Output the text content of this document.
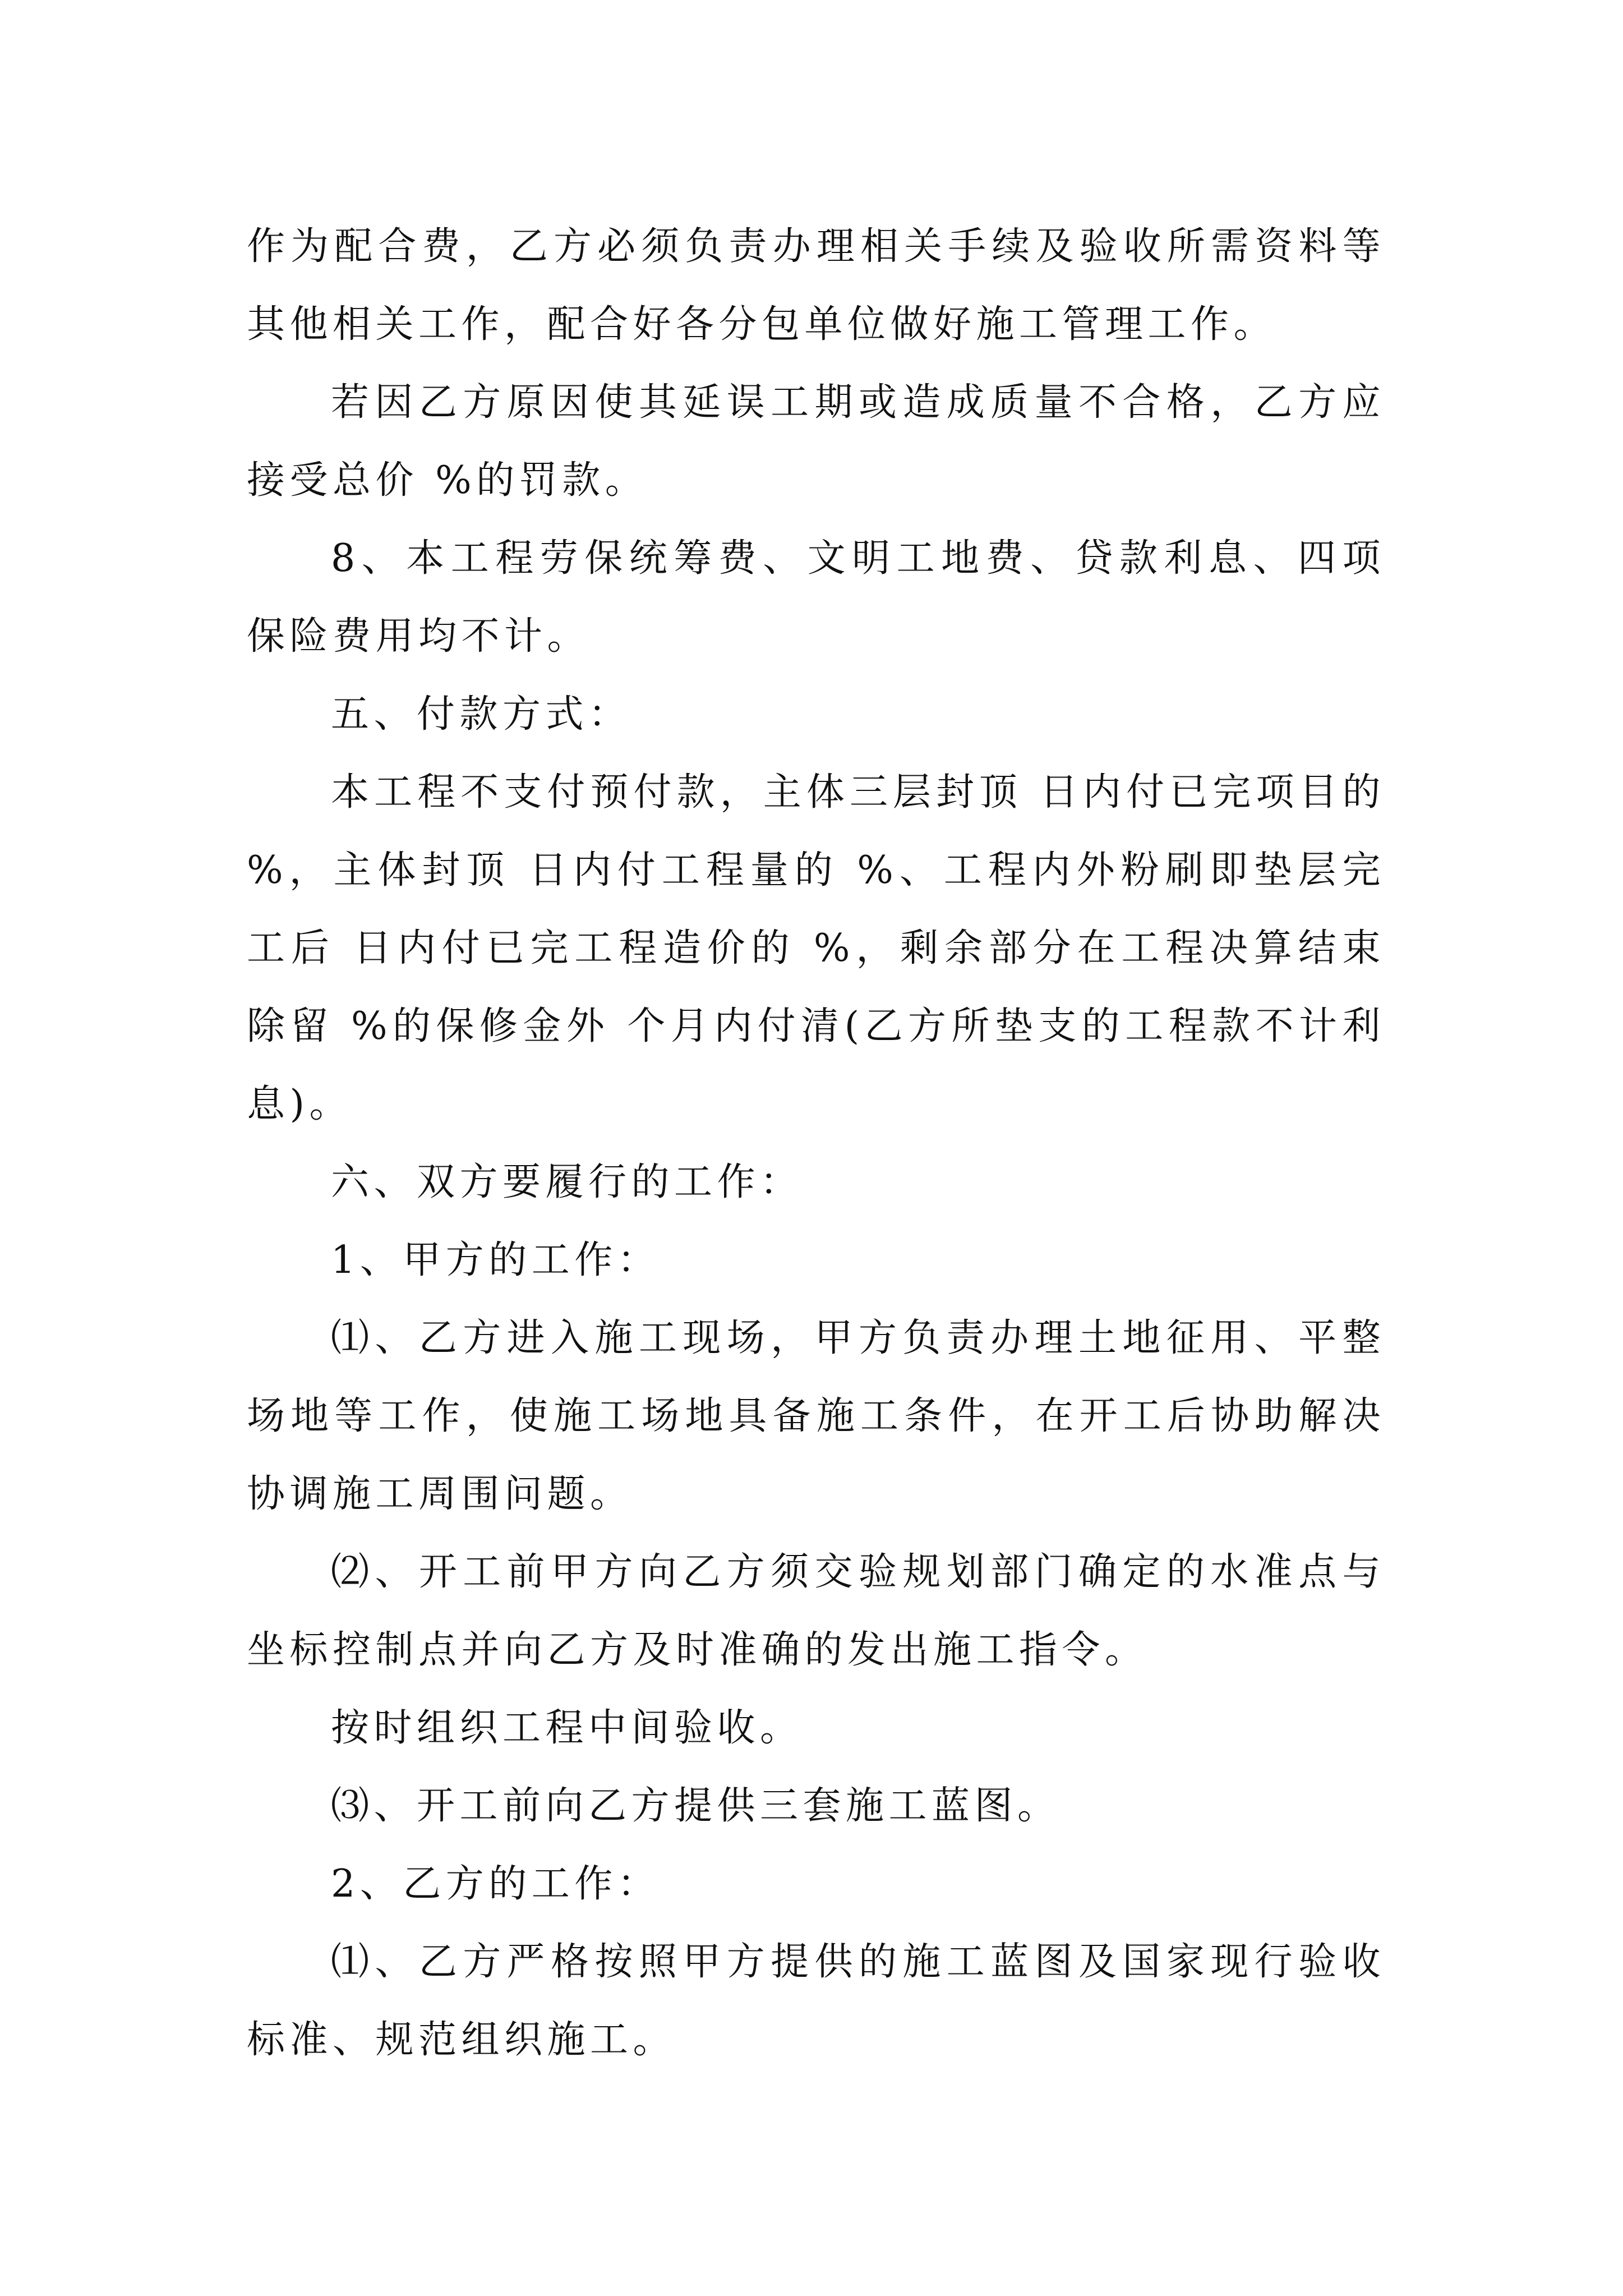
作为配合费，乙方必须负责办理相关手续及验收所需资料等其他相关工作，配合好各分包单位做好施工管理工作。

若因乙方原因使其延误工期或造成质量不合格，乙方应接受总价 %的罚款。

8、本工程劳保统筹费、文明工地费、贷款利息、四项保险费用均不计。

五、付款方式：

本工程不支付预付款，主体三层封顶 日内付已完项目的 %，主体封顶 日内付工程量的 %、工程内外粉刷即垫层完工后 日内付已完工程造价的 %，剩余部分在工程决算结束除留 %的保修金外 个月内付清(乙方所垫支的工程款不计利息)。

六、双方要履行的工作：

1、甲方的工作：

⑴、乙方进入施工现场，甲方负责办理土地征用、平整场地等工作，使施工场地具备施工条件，在开工后协助解决协调施工周围问题。

⑵、开工前甲方向乙方须交验规划部门确定的水准点与坐标控制点并向乙方及时准确的发出施工指令。

按时组织工程中间验收。

⑶、开工前向乙方提供三套施工蓝图。

2、乙方的工作：

⑴、乙方严格按照甲方提供的施工蓝图及国家现行验收标准、规范组织施工。
